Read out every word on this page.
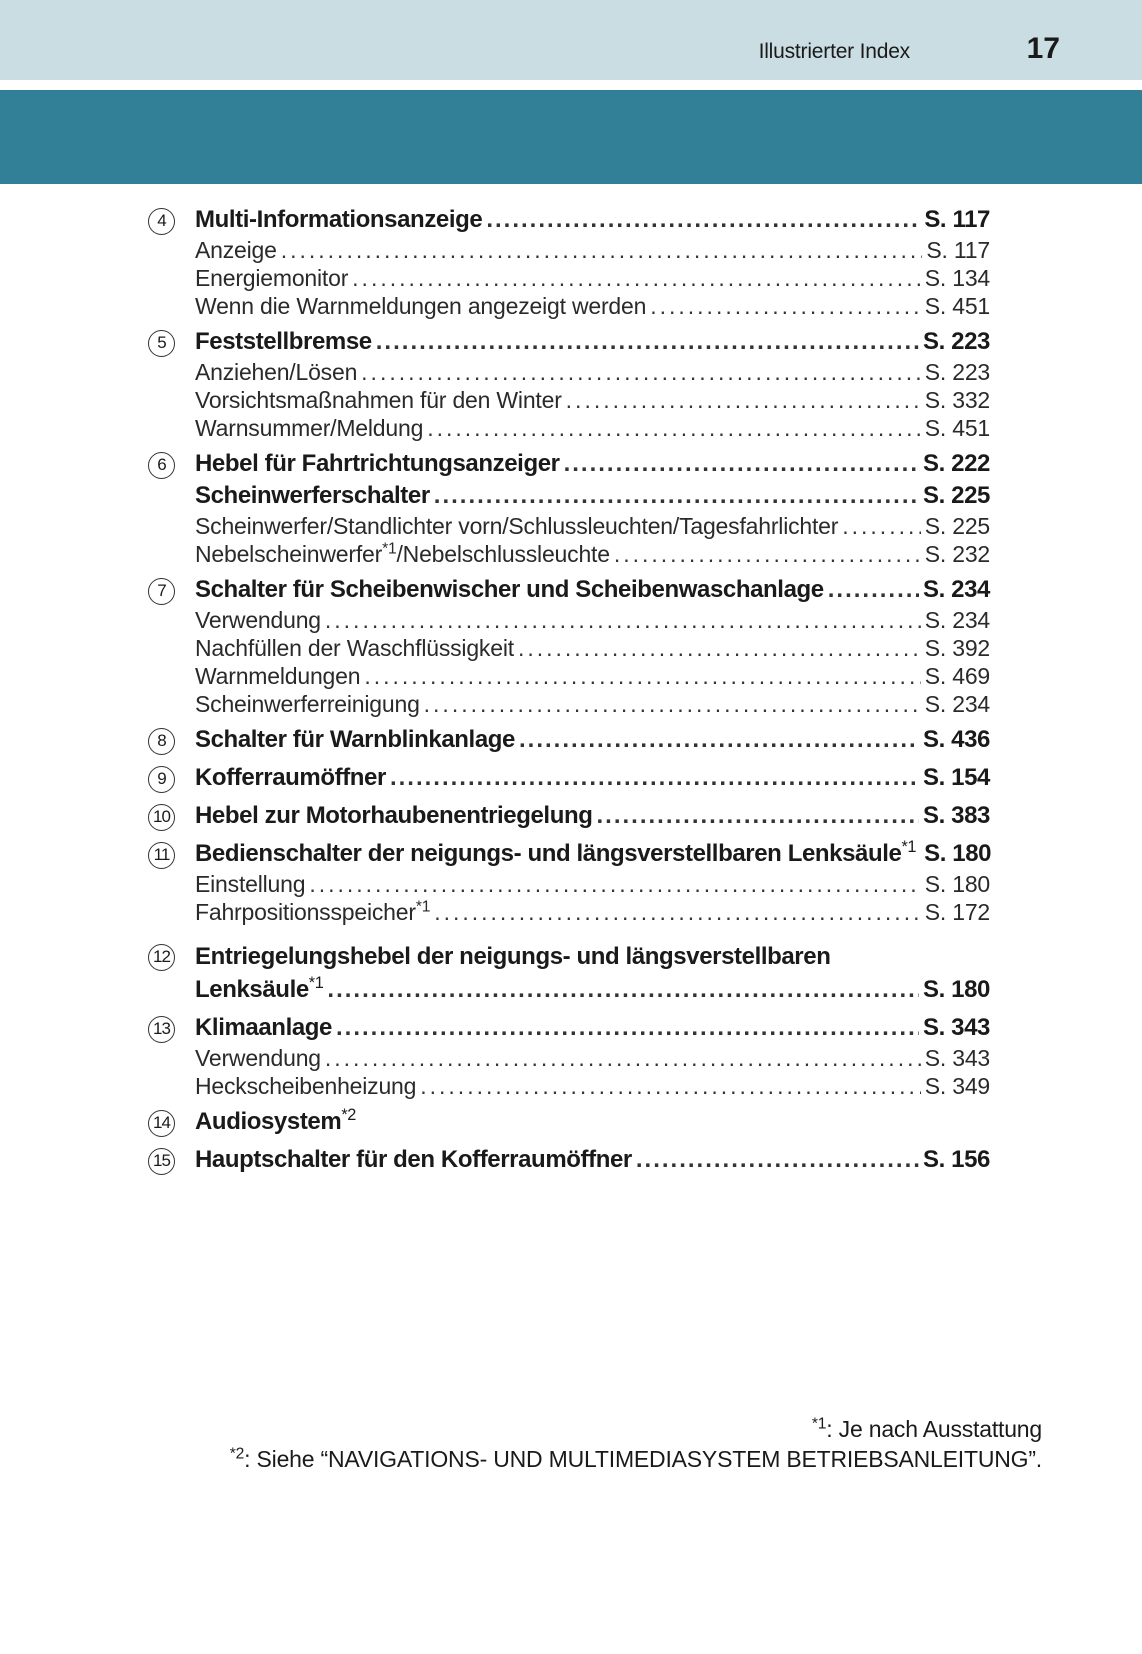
Illustrierter Index	17
4	Multi-Informationsanzeige .....	S. 117
Anzeige .....	S. 117
Energiemonitor .....	S. 134
Wenn die Warnmeldungen angezeigt werden .....	S. 451
5	Feststellbremse .....	S. 223
Anziehen/Lösen .....	S. 223
Vorsichtsmaßnahmen für den Winter .....	S. 332
Warnsummer/Meldung .....	S. 451
6	Hebel für Fahrtrichtungsanzeiger .....	S. 222
Scheinwerferschalter .....	S. 225
Scheinwerfer/Standlichter vorn/Schlussleuchten/Tagesfahrlichter .....	S. 225
Nebelscheinwerfer$^{*1}$/Nebelschlussleuchte .....	S. 232
7	Schalter für Scheibenwischer und Scheibenwaschanlage .....	S. 234
Verwendung .....	S. 234
Nachfüllen der Waschflüssigkeit .....	S. 392
Warnmeldungen .....	S. 469
Scheinwerferreinigung .....	S. 234
8	Schalter für Warnblinkanlage .....	S. 436
9	Kofferraumöffner .....	S. 154
10 Hebel zur Motorhaubenentriegelung .....	S. 383
11 Bedienschalter der neigungs- und längsverstellbaren Lenksäule$^{*1}$ S. 180
Einstellung .....	S. 180
Fahrpositionsspeicher$^{*1}$ .....	S. 172
12 Entriegelungshebel der neigungs- und längsverstellbaren
Lenksäule$^{*1}$ .....	S. 180
13 Klimaanlage .....	S. 343
Verwendung .....	S. 343
Heckscheibenheizung .....	S. 349
14 Audiosystem$^{*2}$
15 Hauptschalter für den Kofferraumöffner .....	S. 156
$^{*1}$: Je nach Ausstattung
$^{*2}$: Siehe “NAVIGATIONS- UND MULTIMEDIASYSTEM BETRIEBSANLEITUNG”.
